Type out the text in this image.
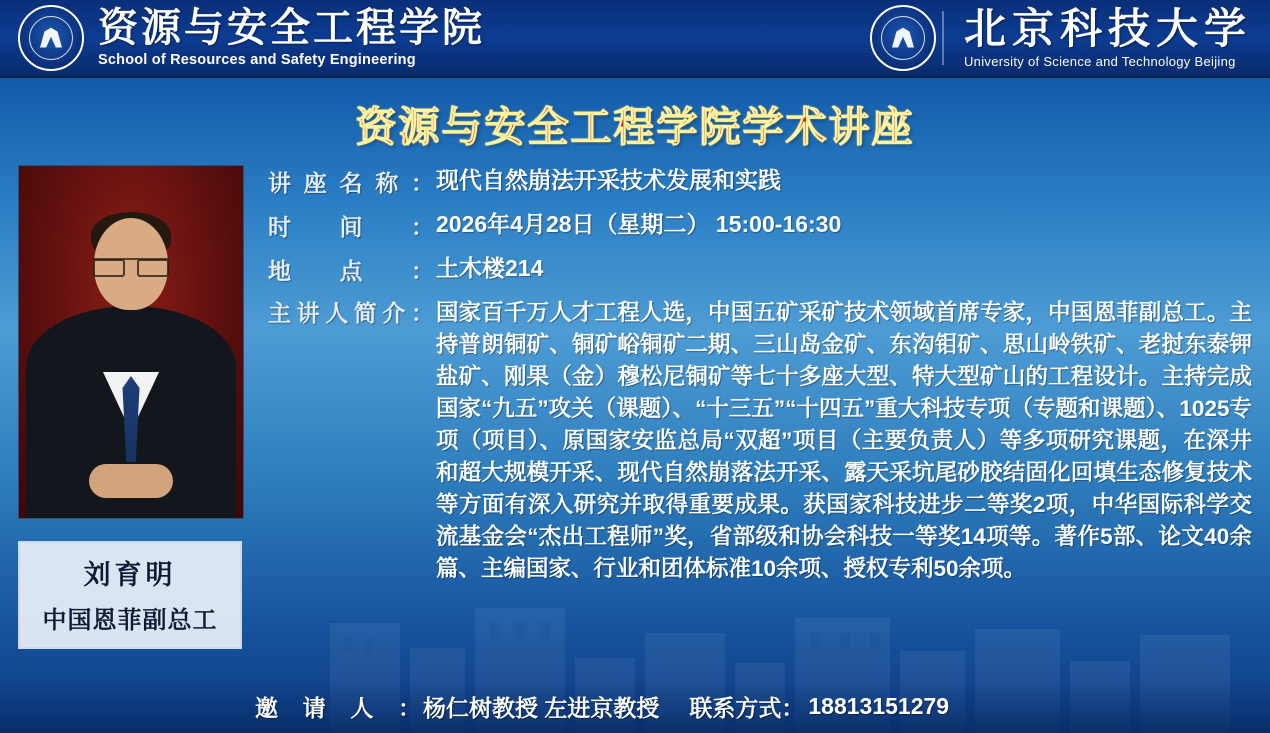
资源与安全工程学院
School of Resources and Safety Engineering
北京科技大学
University of Science and Technology Beijing
资源与安全工程学院学术讲座
刘育明
中国恩菲副总工
讲座名称 ：	现代自然崩法开采技术发展和实践
时间 ：	2026年4月28日（星期二） 15:00-16:30
地点 ：	土木楼214
主讲人简介 ：	国家百千万人才工程人选，中国五矿采矿技术领域首席专家，中国恩菲副总工。主持普朗铜矿、铜矿峪铜矿二期、三山岛金矿、东沟钼矿、思山岭铁矿、老挝东泰钾盐矿、刚果（金）穆松尼铜矿等七十多座大型、特大型矿山的工程设计。主持完成国家“九五”攻关（课题）、“十三五”“十四五”重大科技专项（专题和课题）、1025专项（项目）、原国家安监总局“双超”项目（主要负责人）等多项研究课题，在深井和超大规模开采、现代自然崩落法开采、露天采坑尾砂胶结固化回填生态修复技术等方面有深入研究并取得重要成果。获国家科技进步二等奖2项，中华国际科学交流基金会“杰出工程师”奖，省部级和协会科技一等奖14项等。著作5部、论文40余篇、主编国家、行业和团体标准10余项、授权专利50余项。
邀请人 ：	杨仁树教授 左进京教授 联系方式 ：	18813151279
